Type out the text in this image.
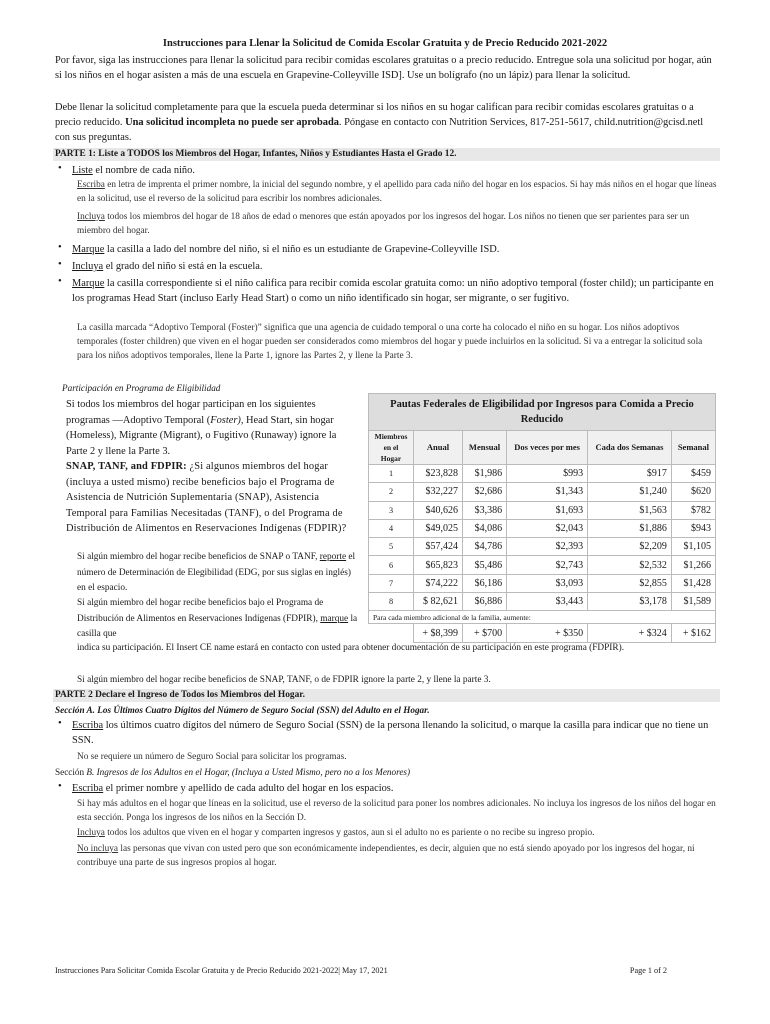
Instrucciones para Llenar la Solicitud de Comida Escolar Gratuita y de Precio Reducido 2021-2022
Por favor, siga las instrucciones para llenar la solicitud para recibir comidas escolares gratuitas o a precio reducido. Entregue sola una solicitud por hogar, aún si los niños en el hogar asisten a más de una escuela en Grapevine-Colleyville ISD]. Use un bolígrafo (no un lápiz) para llenar la solicitud.
Debe llenar la solicitud completamente para que la escuela pueda determinar si los niños en su hogar califican para recibir comidas escolares gratuitas o a precio reducido. Una solicitud incompleta no puede ser aprobada. Póngase en contacto con Nutrition Services, 817-251-5617, child.nutrition@gcisd.netl con sus preguntas.
PARTE 1: Liste a TODOS los Miembros del Hogar, Infantes, Niños y Estudiantes Hasta el Grado 12.
• Liste el nombre de cada niño.
Escriba en letra de imprenta el primer nombre, la inicial del segundo nombre, y el apellido para cada niño del hogar en los espacios. Si hay más niños en el hogar que líneas en la solicitud, use el reverso de la solicitud para escribir los nombres adicionales.
Incluya todos los miembros del hogar de 18 años de edad o menores que están apoyados por los ingresos del hogar. Los niños no tienen que ser parientes para ser un miembro del hogar.
• Marque la casilla a lado del nombre del niño, si el niño es un estudiante de Grapevine-Colleyville ISD.
• Incluya el grado del niño si está en la escuela.
• Marque la casilla correspondiente si el niño califica para recibir comida escolar gratuita como: un niño adoptivo temporal (foster child); un participante en los programas Head Start (incluso Early Head Start) o como un niño identificado sin hogar, ser migrante, o ser fugitivo.
La casilla marcada “Adoptivo Temporal (Foster)” significa que una agencia de cuidado temporal o una corte ha colocado el niño en su hogar. Los niños adoptivos temporales (foster children) que viven en el hogar pueden ser considerados como miembros del hogar y puede incluirlos en la solicitud. Si va a entregar la solicitud sola para los niños adoptivos temporales, llene la Parte 1, ignore las Partes 2, y llene la Parte 3.
Participación en Programa de Eligibilidad
Si todos los miembros del hogar participan en los siguientes programas —Adoptivo Temporal (Foster), Head Start, sin hogar (Homeless), Migrante (Migrant), o Fugitivo (Runaway) ignore la Parte 2 y llene la Parte 3.
SNAP, TANF, and FDPIR: ¿Si algunos miembros del hogar (incluya a usted mismo) recibe beneficios bajo el Programa de Asistencia de Nutrición Suplementaria (SNAP), Asistencia Temporal para Familias Necesitadas (TANF), o del Programa de Distribución de Alimentos en Reservaciones Indígenas (FDPIR)?
Si algún miembro del hogar recibe beneficios de SNAP o TANF, reporte el número de Determinación de Elegibilidad (EDG, por sus siglas en inglés) en el espacio.
Si algún miembro del hogar recibe beneficios bajo el Programa de Distribución de Alimentos en Reservaciones Indígenas (FDPIR), marque la casilla que
indica su participación. El Insert CE name estará en contacto con usted para obtener documentación de su participación en este programa (FDPIR).
Si algún miembro del hogar recibe beneficios de SNAP, TANF, o de FDPIR ignore la parte 2, y llene la parte 3.
Pautas Federales de Eligibilidad por Ingresos para Comida a Precio Reducido					
Miembros en el Hogar	Anual	Mensual	Dos veces por mes	Cada dos Semanas	Semanal
1	$23,828	$1,986	$993	$917	$459
2	$32,227	$2,686	$1,343	$1,240	$620
3	$40,626	$3,386	$1,693	$1,563	$782
4	$49,025	$4,086	$2,043	$1,886	$943
5	$57,424	$4,786	$2,393	$2,209	$1,105
6	$65,823	$5,486	$2,743	$2,532	$1,266
7	$74,222	$6,186	$3,093	$2,855	$1,428
8	$ 82,621	$6,886	$3,443	$3,178	$1,589
Para cada miembro adicional de la familia, aumente:					
	+ $8,399	+ $700	+ $350	+ $324	+ $162
PARTE 2 Declare el Ingreso de Todos los Miembros del Hogar.
Sección A. Los Últimos Cuatro Dígitos del Número de Seguro Social (SSN) del Adulto en el Hogar.
• Escriba los últimos cuatro dígitos del número de Seguro Social (SSN) de la persona llenando la solicitud, o marque la casilla para indicar que no tiene un SSN.
No se requiere un número de Seguro Social para solicitar los programas.
Sección B. Ingresos de los Adultos en el Hogar, (Incluya a Usted Mismo, pero no a los Menores)
• Escriba el primer nombre y apellido de cada adulto del hogar en los espacios.
Si hay más adultos en el hogar que líneas en la solicitud, use el reverso de la solicitud para poner los nombres adicionales. No incluya los ingresos de los niños del hogar en esta sección. Ponga los ingresos de los niños en la Sección D.
Incluya todos los adultos que viven en el hogar y comparten ingresos y gastos, aun si el adulto no es pariente o no recibe su ingreso propio.
No incluya las personas que vivan con usted pero que son económicamente independientes, es decir, alguien que no está siendo apoyado por los ingresos del hogar, ni contribuye una parte de sus ingresos propios al hogar.
Instrucciones Para Solicitar Comida Escolar Gratuita y de Precio Reducido 2021-2022| May 17, 2021	Page 1 of 2
